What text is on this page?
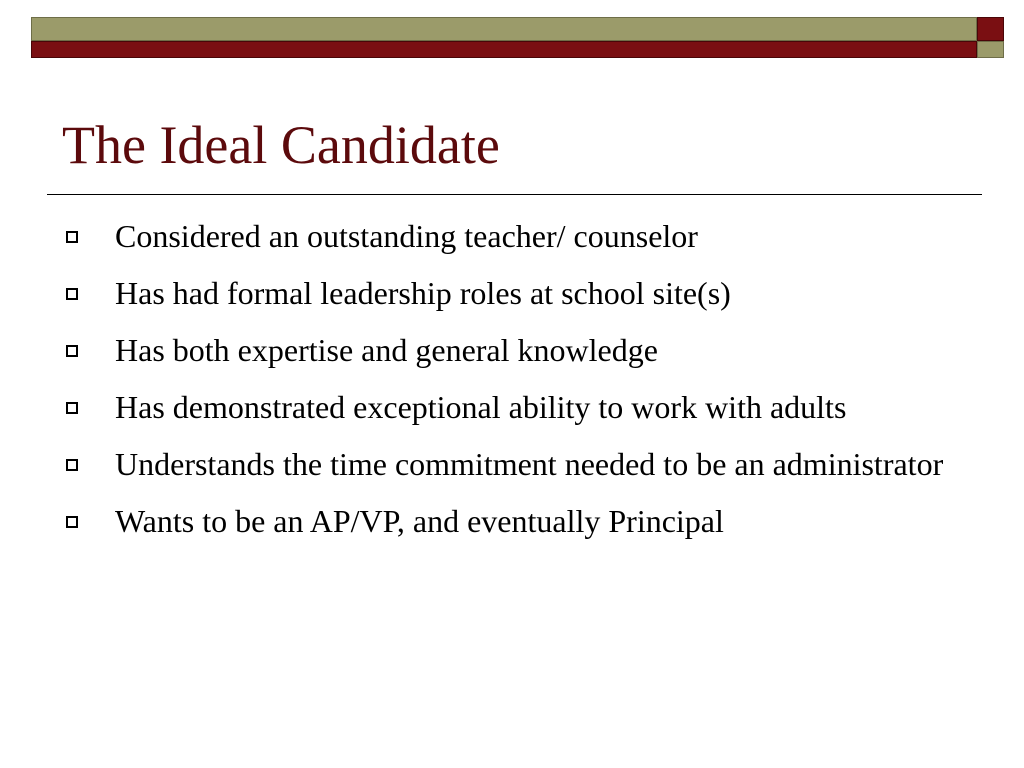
The Ideal Candidate
Considered an outstanding teacher/ counselor
Has had formal leadership roles at school site(s)
Has both expertise and general knowledge
Has demonstrated exceptional ability to work with adults
Understands the time commitment needed to be an administrator
Wants to be an AP/VP, and eventually Principal
